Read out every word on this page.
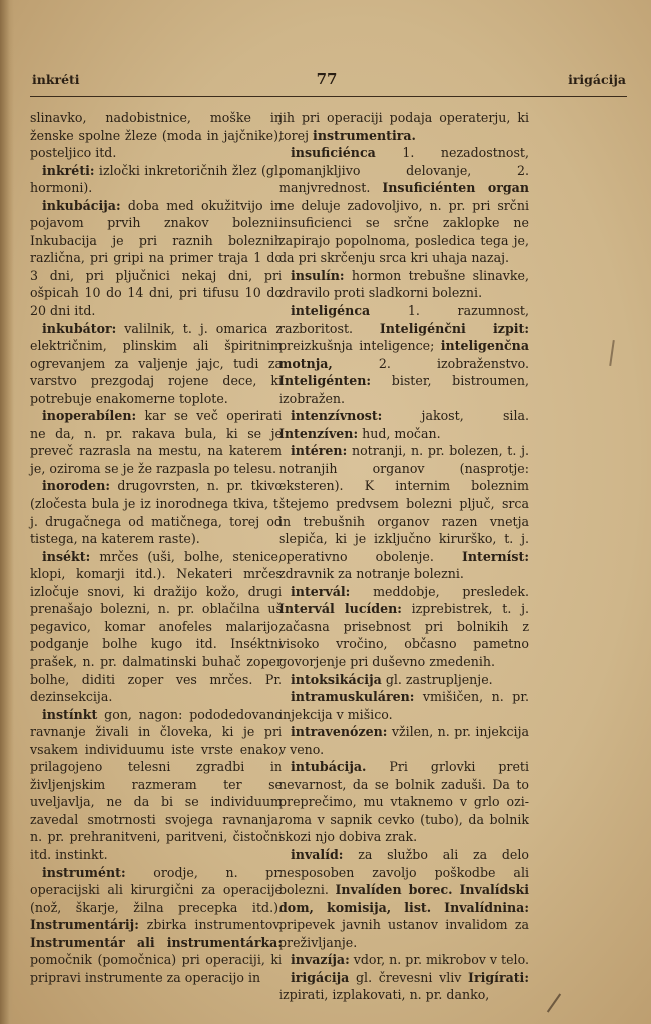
inkréti	77	irigácija

slinavko, nadobistnice, moške in ženske spolne žleze (moda in jajčnike), posteljico itd.

inkréti: izločki inkretoričnih žlez (gl. hormoni).

inkubácija: doba med okužitvijo in pojavom prvih znakov bolezni. Inkubacija je pri raznih boleznih različna, pri gripi na primer traja 1 do 3 dni, pri pljučnici nekaj dni, pri ošpicah 10 do 14 dni, pri tifusu 10 do 20 dni itd.

inkubátor: valilnik, t. j. omarica z električnim, plinskim ali špiritnim ogrevanjem za valjenje jajc, tudi za varstvo prezgodaj rojene dece, ki potrebuje enakomerne toplote.

inoperabílen: kar se več operirati ne da, n. pr. rakava bula, ki se je preveč razrasla na mestu, na katerem je, oziroma se je že razpasla po telesu.

inoroden: drugovrsten, n. pr. tkivo (zločesta bula je iz inorodnega tkiva, t. j. drugačnega od matičnega, torej od tistega, na katerem raste).

insékt: mrčes (uši, bolhe, stenice, klopi, komarji itd.). Nekateri mrčes izločuje snovi, ki dražijo kožo, drugi prenašajo bolezni, n. pr. oblačilna uš pegavico, komar anofeles malarijo, podganje bolhe kugo itd. Inséktni prašek, n. pr. dalmatinski buhač zoper bolhe, diditi zoper ves mrčes. Pr. dezinsekcija.

instínkt gon, nagon: pododedovano ravnanje živali in človeka, ki je pri vsakem individuumu iste vrste enako, prilagojeno telesni zgradbi in življenjskim razmeram ter se uveljavlja, ne da bi se individuum zavedal smotrnosti svojega ravnanja, n. pr. prehranitveni, paritveni, čistočni itd. instinkt.

instrumént: orodje, n. pr. operacijski ali kirurgični za operacije (nož, škarje, žilna precepka itd.). Instrumentárij: zbirka instrumentov. Instrumentár ali instrumentárka: pomočnik (pomočnica) pri operaciji, ki pripravi instrumente za operacijo in

jih pri operaciji podaja operaterju, ki torej instrumentira.

insuficiénca 1. nezadostnost, pomanjkljivo delovanje, 2. manjvrednost. Insuficiénten organ ne deluje zadovoljivo, n. pr. pri srčni insuficienci se srčne zaklopke ne zapirajo popolnoma, posledica tega je, da pri skrčenju srca kri uhaja nazaj.

insulín: hormon trebušne slinavke, zdravilo proti sladkorni bolezni.

inteligénca 1. razumnost, razboritost. Inteligénčni izpit: preizkušnja inteligence; inteligenčna motnja, 2. izobraženstvo. Inteligénten: bister, bistroumen, izobražen.

intenzívnost: jakost, sila. Intenzíven: hud, močan.

intéren: notranji, n. pr. bolezen, t. j. notranjih organov (nasprotje: eksteren). K internim boleznim štejemo predvsem bolezni pljuč, srca in trebušnih organov razen vnetja slepiča, ki je izključno kirurško, t. j. operativno obolenje. Interníst: zdravnik za notranje bolezni.

intervál: meddobje, presledek. Intervál lucíden: izprebistrek, t. j. začasna prisebnost pri bolnikih z visoko vročino, občasno pametno govorjenje pri duševno zmedenih.

intoksikácija gl. zastrupljenje.

intramuskuláren: vmišičen, n. pr. injekcija v mišico.

intravenózen: vžilen, n. pr. injekcija v veno.

intubácija. Pri grlovki preti nevarnost, da se bolnik zaduši. Da to preprečimo, mu vtaknemo v grlo oziroma v sapnik cevko (tubo), da bolnik skozi njo dobiva zrak.

invalíd: za službo ali za delo nesposoben zavoljo poškodbe ali bolezni. Invalíden borec. Invalídski dom, komisija, list. Invalídnina: pripevek javnih ustanov invalidom za preživljanje.

invazíja: vdor, n. pr. mikrobov v telo.

irigácija gl. črevesni vliv Irigírati: izpirati, izplakovati, n. pr. danko,
